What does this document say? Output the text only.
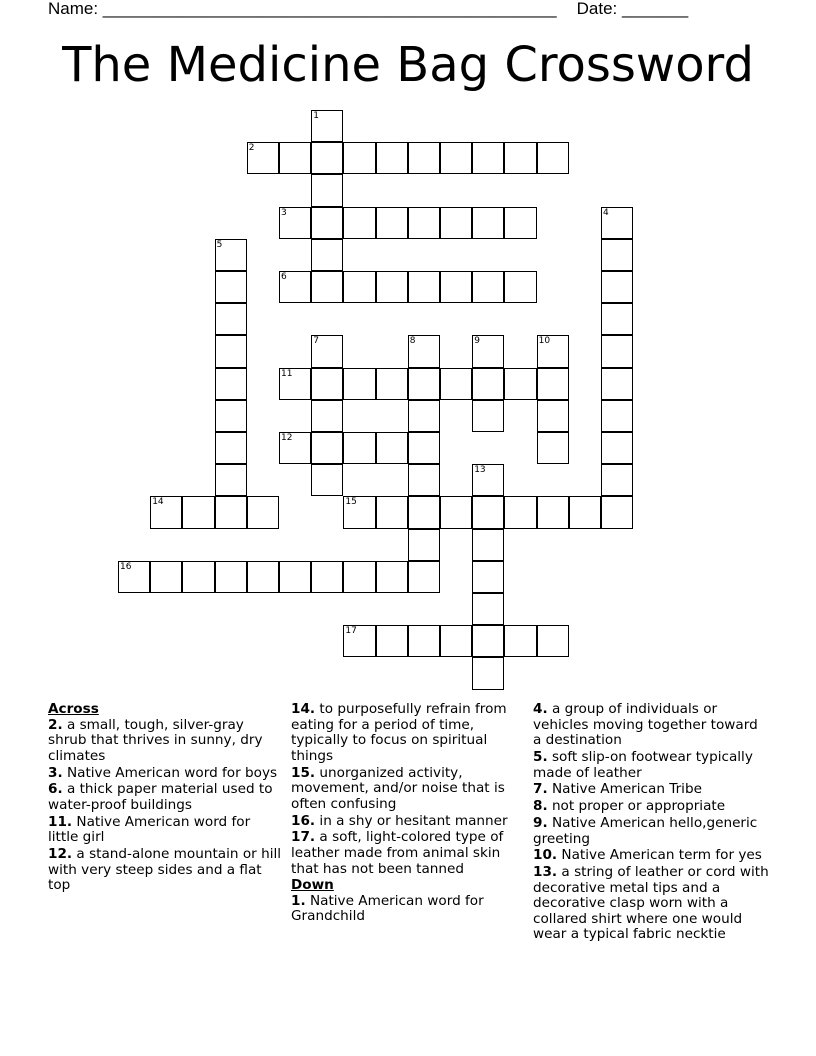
Name: ________________________________________________ Date: _______
The Medicine Bag Crossword
1
2
3	4
5
6
7	8	9	10
11
12
13
14	15
16
17

Across

2. a small, tough, silver-gray shrub that thrives in sunny, dry climates

3. Native American word for boys

6. a thick paper material used to water-proof buildings

11. Native American word for little girl

12. a stand-alone mountain or hill with very steep sides and a flat top

14. to purposefully refrain from eating for a period of time, typically to focus on spiritual things

15. unorganized activity, movement, and/or noise that is often confusing

16. in a shy or hesitant manner

17. a soft, light-colored type of leather made from animal skin that has not been tanned

Down

1. Native American word for Grandchild

4. a group of individuals or vehicles moving together toward a destination

5. soft slip-on footwear typically made of leather

7. Native American Tribe

8. not proper or appropriate

9. Native American hello,generic greeting

10. Native American term for yes

13. a string of leather or cord with decorative metal tips and a decorative clasp worn with a collared shirt where one would wear a typical fabric necktie
